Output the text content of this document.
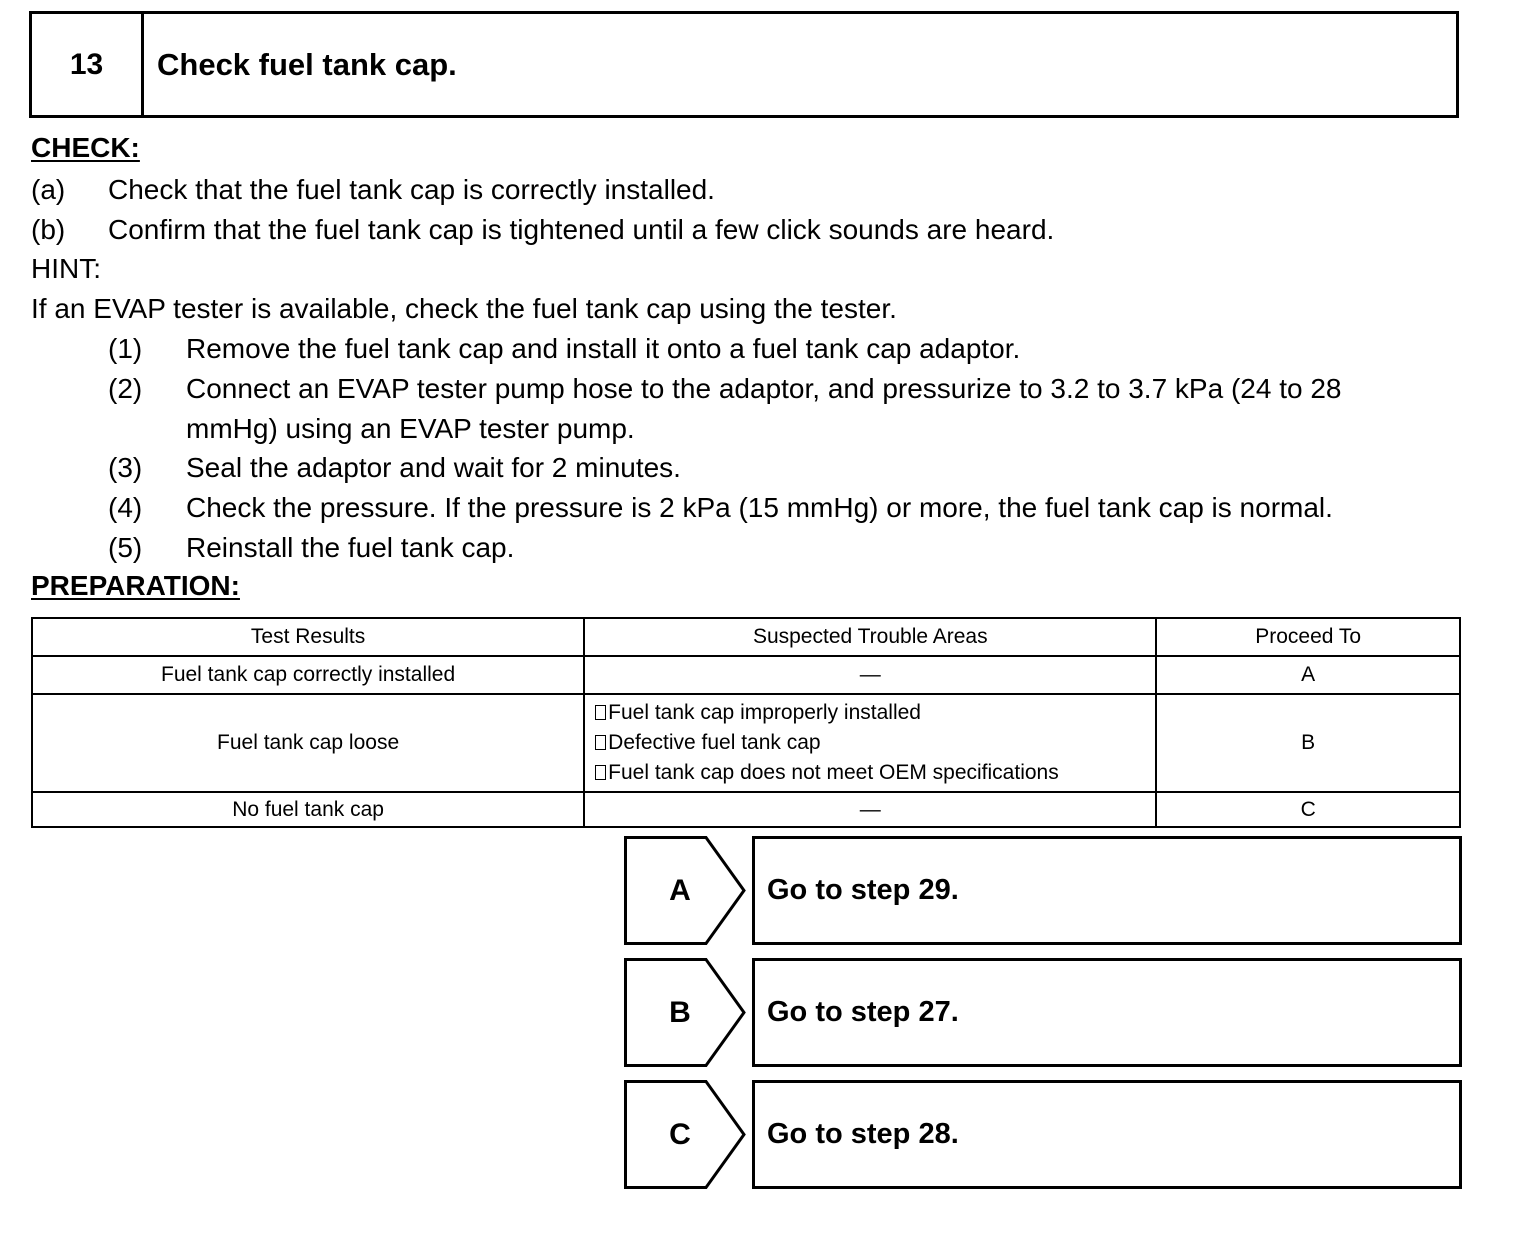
13	Check fuel tank cap.
CHECK:
(a) Check that the fuel tank cap is correctly installed.
(b) Confirm that the fuel tank cap is tightened until a few click sounds are heard.
HINT:
If an EVAP tester is available, check the fuel tank cap using the tester.
(1) Remove the fuel tank cap and install it onto a fuel tank cap adaptor.
(2) Connect an EVAP tester pump hose to the adaptor, and pressurize to 3.2 to 3.7 kPa (24 to 28
mmHg) using an EVAP tester pump.
(3) Seal the adaptor and wait for 2 minutes.
(4) Check the pressure. If the pressure is 2 kPa (15 mmHg) or more, the fuel tank cap is normal.
(5) Reinstall the fuel tank cap.
PREPARATION:
Test Results	Suspected Trouble Areas	Proceed To
Fuel tank cap correctly installed	—	A
Fuel tank cap loose	Fuel tank cap improperly installed
Defective fuel tank cap
Fuel tank cap does not meet OEM specifications	B
No fuel tank cap	—	C
A	Go to step 29.
B	Go to step 27.
C	Go to step 28.
